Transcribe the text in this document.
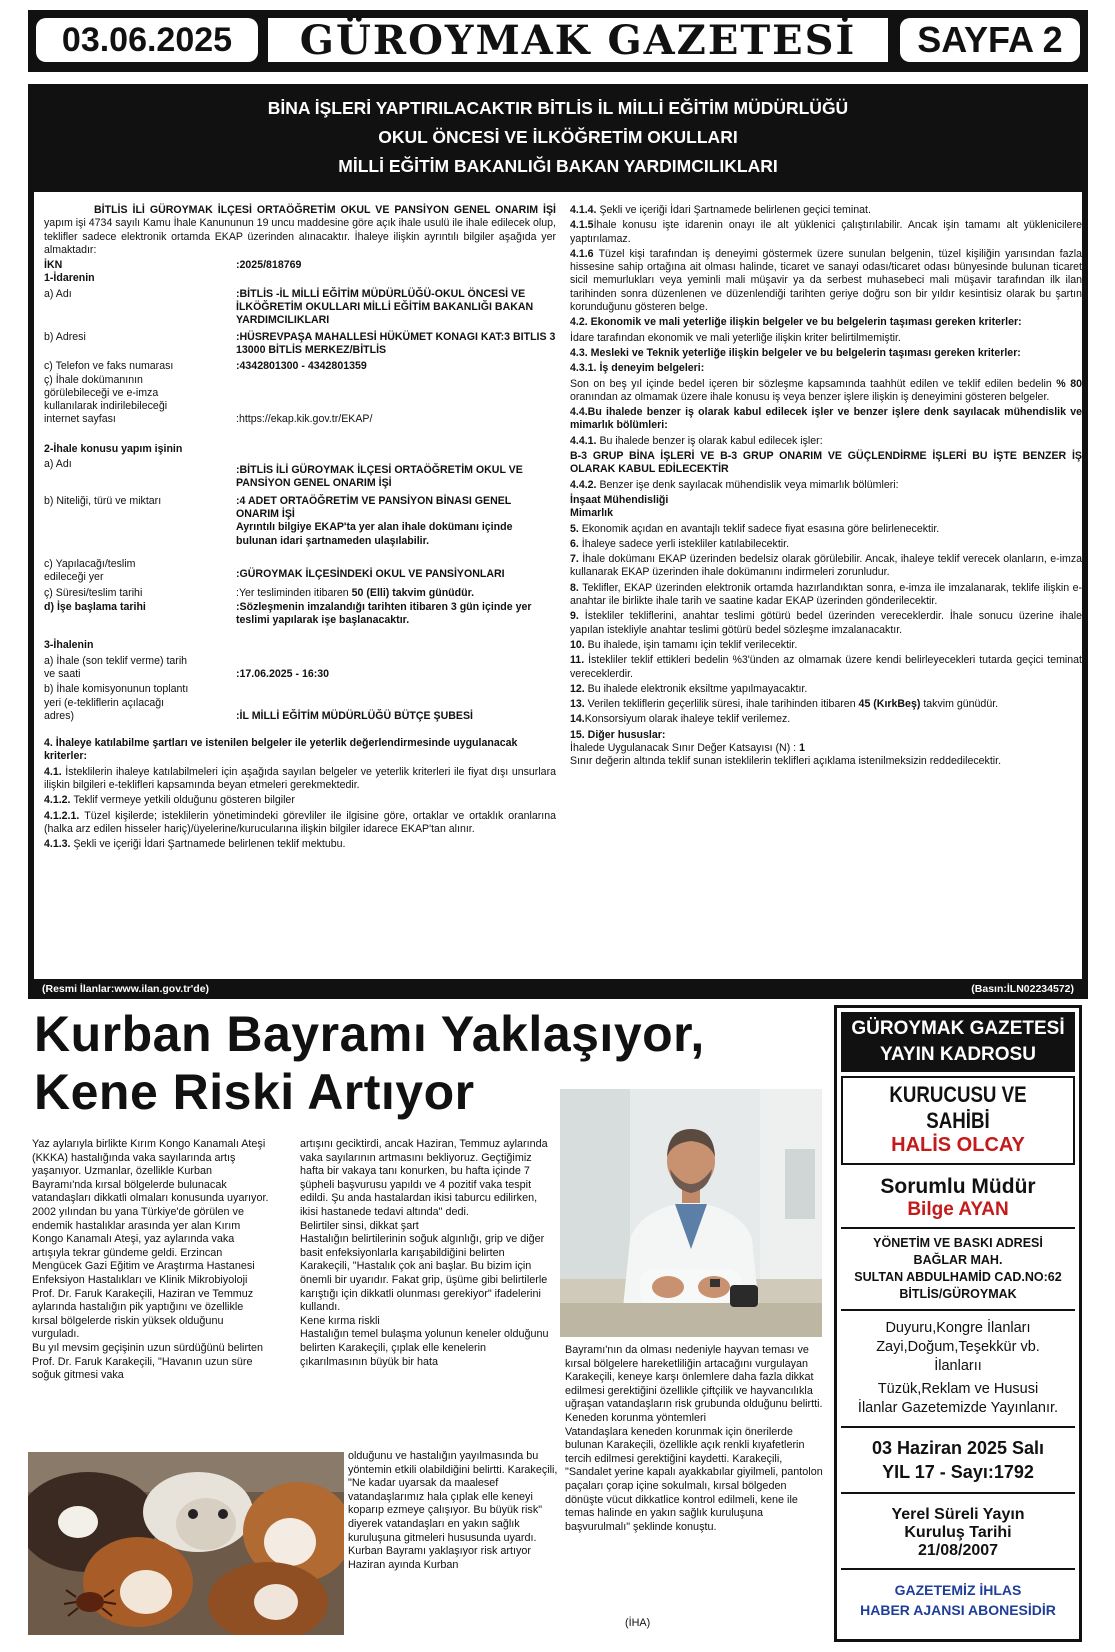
03.06.2025	GÜROYMAK GAZETESİ	SAYFA 2
BİNA İŞLERİ YAPTIRILACAKTIR BİTLİS İL MİLLİ EĞİTİM MÜDÜRLÜĞÜ
OKUL ÖNCESİ VE İLKÖĞRETİM OKULLARI
MİLLİ EĞİTİM BAKANLIĞI BAKAN YARDIMCILIKLARI

BİTLİS İLİ GÜROYMAK İLÇESİ ORTAÖĞRETİM OKUL VE PANSİYON GENEL ONARIM İŞİ yapım işi 4734 sayılı Kamu İhale Kanununun 19 uncu maddesine göre açık ihale usulü ile ihale edilecek olup, teklifler sadece elektronik ortamda EKAP üzerinden alınacaktır. İhaleye ilişkin ayrıntılı bilgiler aşağıda yer almaktadır:

İKN	:2025/818769

1-İdarenin

a) Adı	:BİTLİS -İL MİLLİ EĞİTİM MÜDÜRLÜĞÜ-OKUL ÖNCESİ VE İLKÖĞRETİM OKULLARI MİLLİ EĞİTİM BAKANLIĞI BAKAN YARDIMCILIKLARI
b) Adresi	:HÜSREVPAŞA MAHALLESİ HÜKÜMET KONAGI KAT:3 BITLIS 3 13000 BİTLİS MERKEZ/BİTLİS
c) Telefon ve faks numarası	:4342801300 - 4342801359
ç) İhale dokümanının görülebileceği ve e-imza kullanılarak indirilebileceği internet sayfası	:https://ekap.kik.gov.tr/EKAP/

2-İhale konusu yapım işinin

a) Adı	:BİTLİS İLİ GÜROYMAK İLÇESİ ORTAÖĞRETİM OKUL VE PANSİYON GENEL ONARIM İŞİ
b) Niteliği, türü ve miktarı	:4 ADET ORTAÖĞRETİM VE PANSİYON BİNASI GENEL ONARIM İŞİ
Ayrıntılı bilgiye EKAP'ta yer alan ihale dokümanı içinde bulunan idari şartnameden ulaşılabilir.
c) Yapılacağı/teslim edileceği yer	:GÜROYMAK İLÇESİNDEKİ OKUL VE PANSİYONLARI
ç) Süresi/teslim tarihi	:Yer tesliminden itibaren 50 (Elli) takvim günüdür.
d) İşe başlama tarihi	:Sözleşmenin imzalandığı tarihten itibaren 3 gün içinde yer teslimi yapılarak işe başlanacaktır.

3-İhalenin

a) İhale (son teklif verme) tarih ve saati	:17.06.2025 - 16:30
b) İhale komisyonunun toplantı yeri (e-tekliflerin açılacağı adres)	:İL MİLLİ EĞİTİM MÜDÜRLÜĞÜ BÜTÇE ŞUBESİ

4. İhaleye katılabilme şartları ve istenilen belgeler ile yeterlik değerlendirmesinde uygulanacak kriterler:

4.1. İsteklilerin ihaleye katılabilmeleri için aşağıda sayılan belgeler ve yeterlik kriterleri ile fiyat dışı unsurlara ilişkin bilgileri e-teklifleri kapsamında beyan etmeleri gerekmektedir.

4.1.2. Teklif vermeye yetkili olduğunu gösteren bilgiler

4.1.2.1. Tüzel kişilerde; isteklilerin yönetimindeki görevliler ile ilgisine göre, ortaklar ve ortaklık oranlarına (halka arz edilen hisseler hariç)/üyelerine/kurucularına ilişkin bilgiler idarece EKAP'tan alınır.

4.1.3. Şekli ve içeriği İdari Şartnamede belirlenen teklif mektubu.

4.1.4. Şekli ve içeriği İdari Şartnamede belirlenen geçici teminat.

4.1.5İhale konusu işte idarenin onayı ile alt yüklenici çalıştırılabilir. Ancak işin tamamı alt yüklenicilere yaptırılamaz.

4.1.6 Tüzel kişi tarafından iş deneyimi göstermek üzere sunulan belgenin, tüzel kişiliğin yarısından fazla hissesine sahip ortağına ait olması halinde, ticaret ve sanayi odası/ticaret odası bünyesinde bulunan ticaret sicil memurlukları veya yeminli mali müşavir ya da serbest muhasebeci mali müşavir tarafından ilk ilan tarihinden sonra düzenlenen ve düzenlendiği tarihten geriye doğru son bir yıldır kesintisiz olarak bu şartın korunduğunu gösteren belge.

4.2. Ekonomik ve mali yeterliğe ilişkin belgeler ve bu belgelerin taşıması gereken kriterler:

İdare tarafından ekonomik ve mali yeterliğe ilişkin kriter belirtilmemiştir.

4.3. Mesleki ve Teknik yeterliğe ilişkin belgeler ve bu belgelerin taşıması gereken kriterler:

4.3.1. İş deneyim belgeleri:

Son on beş yıl içinde bedel içeren bir sözleşme kapsamında taahhüt edilen ve teklif edilen bedelin % 80 oranından az olmamak üzere ihale konusu iş veya benzer işlere ilişkin iş deneyimini gösteren belgeler.

4.4.Bu ihalede benzer iş olarak kabul edilecek işler ve benzer işlere denk sayılacak mühendislik ve mimarlık bölümleri:

4.4.1. Bu ihalede benzer iş olarak kabul edilecek işler:

B-3 GRUP BİNA İŞLERİ VE B-3 GRUP ONARIM VE GÜÇLENDİRME İŞLERİ BU İŞTE BENZER İŞ OLARAK KABUL EDİLECEKTİR

4.4.2. Benzer işe denk sayılacak mühendislik veya mimarlık bölümleri:

İnşaat Mühendisliği

Mimarlık

5. Ekonomik açıdan en avantajlı teklif sadece fiyat esasına göre belirlenecektir.

6. İhaleye sadece yerli istekliler katılabilecektir.

7. İhale dokümanı EKAP üzerinden bedelsiz olarak görülebilir. Ancak, ihaleye teklif verecek olanların, e-imza kullanarak EKAP üzerinden ihale dokümanını indirmeleri zorunludur.

8. Teklifler, EKAP üzerinden elektronik ortamda hazırlandıktan sonra, e-imza ile imzalanarak, teklife ilişkin e-anahtar ile birlikte ihale tarih ve saatine kadar EKAP üzerinden gönderilecektir.

9. İstekliler tekliflerini, anahtar teslimi götürü bedel üzerinden vereceklerdir. İhale sonucu üzerine ihale yapılan istekliyle anahtar teslimi götürü bedel sözleşme imzalanacaktır.

10. Bu ihalede, işin tamamı için teklif verilecektir.

11. İstekliler teklif ettikleri bedelin %3'ünden az olmamak üzere kendi belirleyecekleri tutarda geçici teminat vereceklerdir.

12. Bu ihalede elektronik eksiltme yapılmayacaktır.

13. Verilen tekliflerin geçerlilik süresi, ihale tarihinden itibaren 45 (KırkBeş) takvim günüdür.

14.Konsorsiyum olarak ihaleye teklif verilemez.

15. Diğer hususlar:

İhalede Uygulanacak Sınır Değer Katsayısı (N) : 1

Sınır değerin altında teklif sunan isteklilerin teklifleri açıklama istenilmeksizin reddedilecektir.

(Resmi İlanlar:www.ilan.gov.tr'de)	(Basın:İLN02234572)
Kurban Bayramı Yaklaşıyor,
Kene Riski Artıyor
Yaz aylarıyla birlikte Kırım Kongo Kanamalı Ateşi (KKKA) hastalığında vaka sayılarında artış yaşanıyor. Uzmanlar, özellikle Kurban Bayramı'nda kırsal bölgelerde bulunacak vatandaşları dikkatli olmaları konusunda uyarıyor.
2002 yılından bu yana Türkiye'de görülen ve endemik hastalıklar arasında yer alan Kırım Kongo Kanamalı Ateşi, yaz aylarında vaka artışıyla tekrar gündeme geldi. Erzincan Mengücek Gazi Eğitim ve Araştırma Hastanesi Enfeksiyon Hastalıkları ve Klinik Mikrobiyoloji Prof. Dr. Faruk Karakeçili, Haziran ve Temmuz aylarında hastalığın pik yaptığını ve özellikle kırsal bölgelerde riskin yüksek olduğunu vurguladı.
Bu yıl mevsim geçişinin uzun sürdüğünü belirten Prof. Dr. Faruk Karakeçili, "Havanın uzun süre soğuk gitmesi vaka
artışını geciktirdi, ancak Haziran, Temmuz aylarında vaka sayılarının artmasını bekliyoruz. Geçtiğimiz hafta bir vakaya tanı konurken, bu hafta içinde 7 şüpheli başvurusu yapıldı ve 4 pozitif vaka tespit edildi. Şu anda hastalardan ikisi taburcu edilirken, ikisi hastanede tedavi altında" dedi.
Belirtiler sinsi, dikkat şart
Hastalığın belirtilerinin soğuk algınlığı, grip ve diğer basit enfeksiyonlarla karışabildiğini belirten Karakeçili, "Hastalık çok ani başlar. Bu bizim için önemli bir uyarıdır. Fakat grip, üşüme gibi belirtilerle karıştığı için dikkatli olunması gerekiyor" ifadelerini kullandı.
Kene kırma riskli
Hastalığın temel bulaşma yolunun keneler olduğunu belirten Karakeçili, çıplak elle kenelerin çıkarılmasının büyük bir hata
Bayramı'nın da olması nedeniyle hayvan teması ve kırsal bölgelere hareketliliğin artacağını vurgulayan Karakeçili, keneye karşı önlemlere daha fazla dikkat edilmesi gerektiğini özellikle çiftçilik ve hayvancılıkla uğraşan vatandaşların risk grubunda olduğunu belirtti.
Keneden korunma yöntemleri
Vatandaşlara keneden korunmak için önerilerde bulunan Karakeçili, özellikle açık renkli kıyafetlerin tercih edilmesi gerektiğini kaydetti. Karakeçili, "Sandalet yerine kapalı ayakkabılar giyilmeli, pantolon paçaları çorap içine sokulmalı, kırsal bölgeden dönüşte vücut dikkatlice kontrol edilmeli, kene ile temas halinde en yakın sağlık kuruluşuna başvurulmalı" şeklinde konuştu.
olduğunu ve hastalığın yayılmasında bu yöntemin etkili olabildiğini belirtti. Karakeçili, "Ne kadar uyarsak da maalesef vatandaşlarımız hala çıplak elle keneyi koparıp ezmeye çalışıyor. Bu büyük risk" diyerek vatandaşları en yakın sağlık kuruluşuna gitmeleri hususunda uyardı.
Kurban Bayramı yaklaşıyor risk artıyor
Haziran ayında Kurban
(İHA)
GÜROYMAK GAZETESİ
YAYIN KADROSU
KURUCUSU VE SAHİBİ
HALİS OLCAY
Sorumlu Müdür
Bilge AYAN
YÖNETİM VE BASKI ADRESİ
BAĞLAR MAH.
SULTAN ABDULHAMİD CAD.NO:62
BİTLİS/GÜROYMAK
Duyuru,Kongre İlanları
Zayi,Doğum,Teşekkür vb.
İlanlarıı
Tüzük,Reklam ve Hususi
İlanlar Gazetemizde Yayınlanır.
03 Haziran 2025 Salı
YIL 17 - Sayı:1792
Yerel Süreli Yayın
Kuruluş Tarihi
21/08/2007
GAZETEMİZ İHLAS
HABER AJANSI ABONESİDİR
